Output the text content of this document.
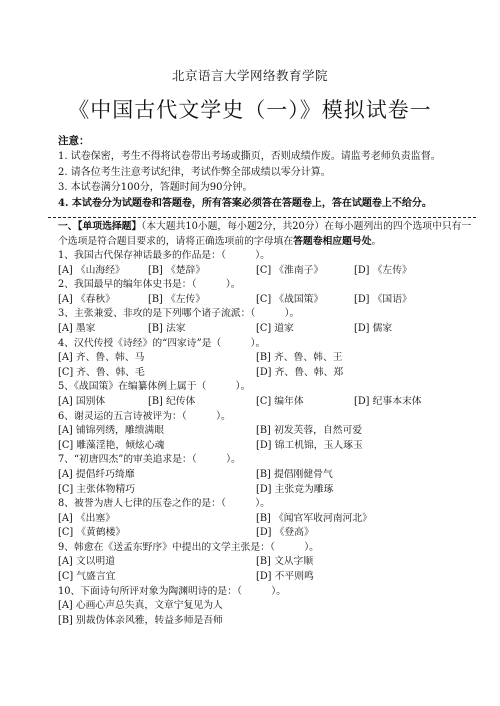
北京语言大学网络教育学院
《中国古代文学史（一）》模拟试卷一
注意：
1. 试卷保密，考生不得将试卷带出考场或撕页，否则成绩作废。请监考老师负责监督。
2. 请各位考生注意考试纪律，考试作弊全部成绩以零分计算。
3. 本试卷满分100分，答题时间为90分钟。
4. 本试卷分为试题卷和答题卷，所有答案必须答在答题卷上，答在试题卷上不给分。
一、【单项选择题】（本大题共10小题，每小题2分，共20分）在每小题列出的四个选项中只有一个选项是符合题目要求的，请将正确选项前的字母填在答题卷相应题号处。
1、我国古代保存神话最多的作品是：（　　　）。
[A] 《山海经》 [B] 《楚辞》	[C] 《淮南子》	[D] 《左传》
2、我国最早的编年体史书是：（　　　）。
[A] 《春秋》	[B] 《左传》	[C] 《战国策》	[D] 《国语》
3、主张兼爱、非攻的是下列哪个诸子流派：（　　　）。
[A] 墨家	[B] 法家	[C] 道家	[D] 儒家
4、汉代传授《诗经》的“四家诗”是（　　　）。
[A] 齐、鲁、韩、马	[B] 齐、鲁、韩、王
[C] 齐、鲁、韩、毛	[D] 齐、鲁、韩、郑
5、《战国策》在编纂体例上属于（　　　）。
[A] 国别体	[B] 纪传体	[C] 编年体	[D] 纪事本末体
6、谢灵运的五言诗被评为：（　　　）。
[A] 铺锦列绣，雕缋满眼	[B] 初发芙蓉，自然可爱
[C] 雕藻淫艳，倾炫心魂	[D] 锦工机锦，玉人琢玉
7、“初唐四杰”的审美追求是：（　　　）。
[A] 提倡纤巧绮靡	[B] 提倡刚健骨气
[C] 主张体物精巧	[D] 主张竞为雕琢
8、被誉为唐人七律的压卷之作的是：（　　　）。
[A] 《出塞》	[B] 《闻官军收河南河北》
[C] 《黄鹤楼》	[D] 《登高》
9、韩愈在《送孟东野序》中提出的文学主张是：（　　　）。
[A] 文以明道	[B] 文从字顺
[C] 气盛言宜	[D] 不平则鸣
10、下面诗句所评对象为陶渊明诗的是：（　　　）。
[A] 心画心声总失真，文章宁复见为人
[B] 别裁伪体亲风雅，转益多师是吾师
